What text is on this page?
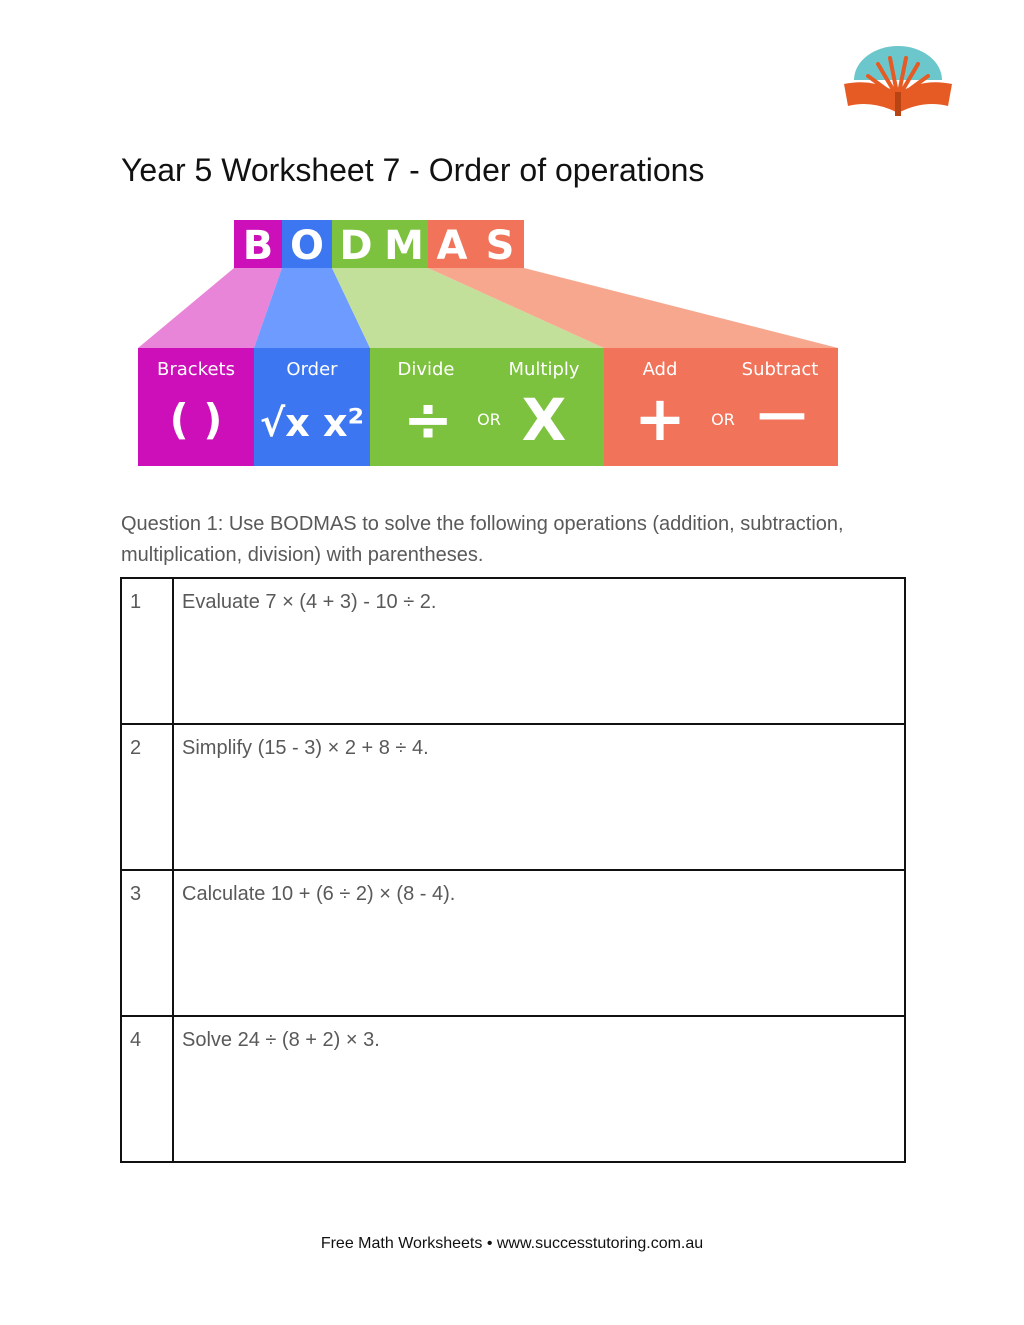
Year 5 Worksheet 7 - Order of operations
B O D M A S
Brackets	Order	Divide	Multiply	Add	Subtract
( ) √x x² ÷ X + —
OR	OR

Question 1: Use BODMAS to solve the following operations (addition, subtraction, multiplication, division) with parentheses.

1	Evaluate 7 × (4 + 3) - 10 ÷ 2.
2	Simplify (15 - 3) × 2 + 8 ÷ 4.
3	Calculate 10 + (6 ÷ 2) × (8 - 4).
4	Solve 24 ÷ (8 + 2) × 3.
Free Math Worksheets • www.successtutoring.com.au
